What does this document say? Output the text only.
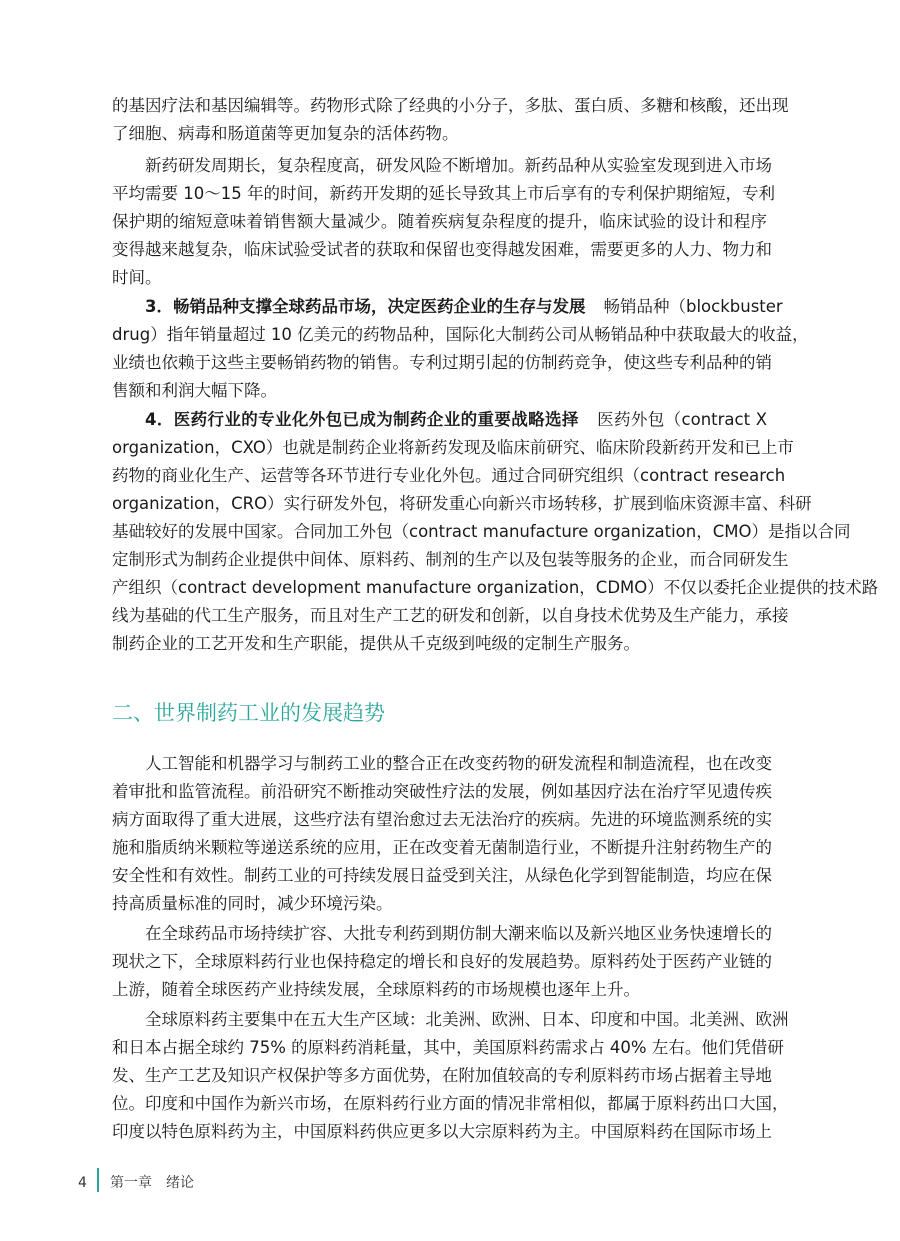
的基因疗法和基因编辑等。药物形式除了经典的小分子，多肽、蛋白质、多糖和核酸，还出现
了细胞、病毒和肠道菌等更加复杂的活体药物。
新药研发周期长，复杂程度高，研发风险不断增加。新药品种从实验室发现到进入市场
平均需要 10～15 年的时间，新药开发期的延长导致其上市后享有的专利保护期缩短，专利
保护期的缩短意味着销售额大量减少。随着疾病复杂程度的提升，临床试验的设计和程序
变得越来越复杂，临床试验受试者的获取和保留也变得越发困难，需要更多的人力、物力和
时间。
3．畅销品种支撑全球药品市场，决定医药企业的生存与发展 畅销品种（blockbuster
drug）指年销量超过 10 亿美元的药物品种，国际化大制药公司从畅销品种中获取最大的收益，
业绩也依赖于这些主要畅销药物的销售。专利过期引起的仿制药竞争，使这些专利品种的销
售额和利润大幅下降。
4．医药行业的专业化外包已成为制药企业的重要战略选择 医药外包（contract X
organization，CXO）也就是制药企业将新药发现及临床前研究、临床阶段新药开发和已上市
药物的商业化生产、运营等各环节进行专业化外包。通过合同研究组织（contract research
organization，CRO）实行研发外包，将研发重心向新兴市场转移，扩展到临床资源丰富、科研
基础较好的发展中国家。合同加工外包（contract manufacture organization，CMO）是指以合同
定制形式为制药企业提供中间体、原料药、制剂的生产以及包装等服务的企业，而合同研发生
产组织（contract development manufacture organization，CDMO）不仅以委托企业提供的技术路
线为基础的代工生产服务，而且对生产工艺的研发和创新，以自身技术优势及生产能力，承接
制药企业的工艺开发和生产职能，提供从千克级到吨级的定制生产服务。
二、世界制药工业的发展趋势
人工智能和机器学习与制药工业的整合正在改变药物的研发流程和制造流程，也在改变
着审批和监管流程。前沿研究不断推动突破性疗法的发展，例如基因疗法在治疗罕见遗传疾
病方面取得了重大进展，这些疗法有望治愈过去无法治疗的疾病。先进的环境监测系统的实
施和脂质纳米颗粒等递送系统的应用，正在改变着无菌制造行业，不断提升注射药物生产的
安全性和有效性。制药工业的可持续发展日益受到关注，从绿色化学到智能制造，均应在保
持高质量标准的同时，减少环境污染。
在全球药品市场持续扩容、大批专利药到期仿制大潮来临以及新兴地区业务快速增长的
现状之下，全球原料药行业也保持稳定的增长和良好的发展趋势。原料药处于医药产业链的
上游，随着全球医药产业持续发展，全球原料药的市场规模也逐年上升。
全球原料药主要集中在五大生产区域：北美洲、欧洲、日本、印度和中国。北美洲、欧洲
和日本占据全球约 75% 的原料药消耗量，其中，美国原料药需求占 40% 左右。他们凭借研
发、生产工艺及知识产权保护等多方面优势，在附加值较高的专利原料药市场占据着主导地
位。印度和中国作为新兴市场，在原料药行业方面的情况非常相似，都属于原料药出口大国，
印度以特色原料药为主，中国原料药供应更多以大宗原料药为主。中国原料药在国际市场上
4 第一章　绪论
